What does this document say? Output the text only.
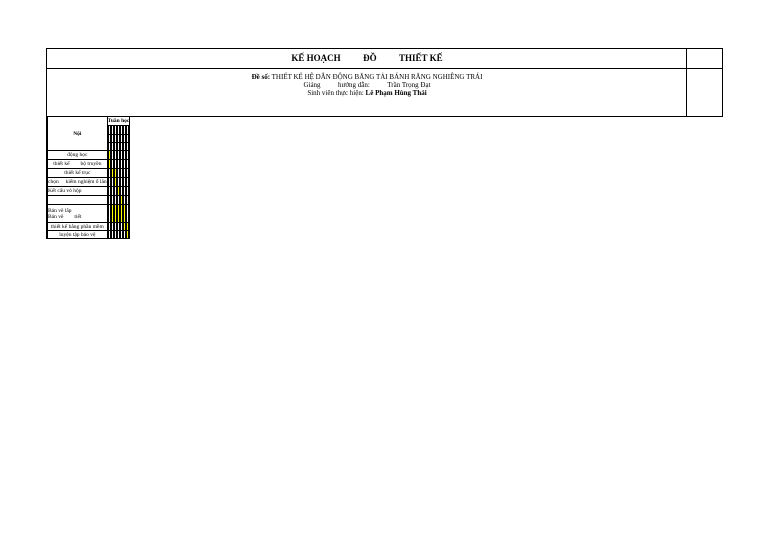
KẾ HOẠCH          ĐỒ          THIẾT KẾ
Đề số: THIẾT KẾ HỆ DẪN ĐỘNG BĂNG TẢI BÁNH RĂNG NGHIÊNG TRÁI
Giảng          hướng dẫn:          Trần Trọng Đạt
Sinh viên thực hiện: Lê Phạm Hùng Thái
	Nội	Tuần học							

	động học															
	thiết kế        bộ truyền															
	thiết kế trục															
	chọn     kiểm nghiệm ổ lăn															
	Kết cấu vỏ hộp															

	Bản vẽ lắp
Bản vẽ        tiết															
	thiết kế bằng phần mềm															
	luyện tập bảo vệ															
